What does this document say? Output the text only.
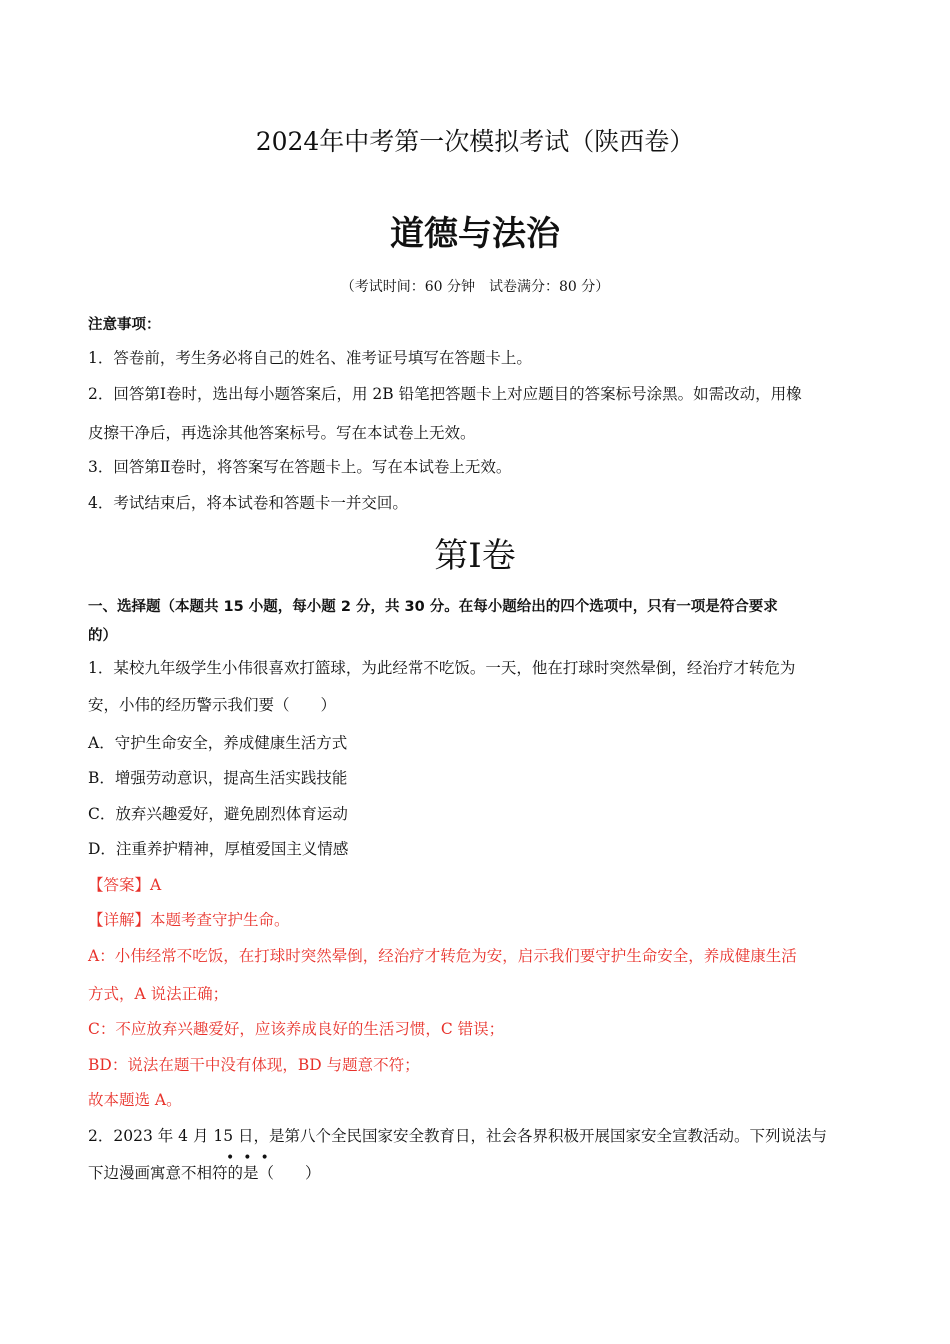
2024年中考第一次模拟考试（陕西卷）
道德与法治
（考试时间：60 分钟　试卷满分：80 分）
注意事项：
1．答卷前，考生务必将自己的姓名、准考证号填写在答题卡上。
2．回答第Ⅰ卷时，选出每小题答案后，用 2B 铅笔把答题卡上对应题目的答案标号涂黑。如需改动，用橡
皮擦干净后，再选涂其他答案标号。写在本试卷上无效。
3．回答第Ⅱ卷时，将答案写在答题卡上。写在本试卷上无效。
4．考试结束后，将本试卷和答题卡一并交回。
第Ⅰ卷
一、选择题（本题共 15 小题，每小题 2 分，共 30 分。在每小题给出的四个选项中，只有一项是符合要求
的）
1．某校九年级学生小伟很喜欢打篮球，为此经常不吃饭。一天，他在打球时突然晕倒，经治疗才转危为
安，小伟的经历警示我们要（　　）
A．守护生命安全，养成健康生活方式
B．增强劳动意识，提高生活实践技能
C．放弃兴趣爱好，避免剧烈体育运动
D．注重养护精神，厚植爱国主义情感
【答案】A
【详解】本题考查守护生命。
A：小伟经常不吃饭，在打球时突然晕倒，经治疗才转危为安，启示我们要守护生命安全，养成健康生活
方式，A 说法正确；
C：不应放弃兴趣爱好，应该养成良好的生活习惯，C 错误；
BD：说法在题干中没有体现，BD 与题意不符；
故本题选 A。
2．2023 年 4 月 15 日，是第八个全民国家安全教育日，社会各界积极开展国家安全宣教活动。下列说法与
•••
下边漫画寓意不相符的是（　　）
